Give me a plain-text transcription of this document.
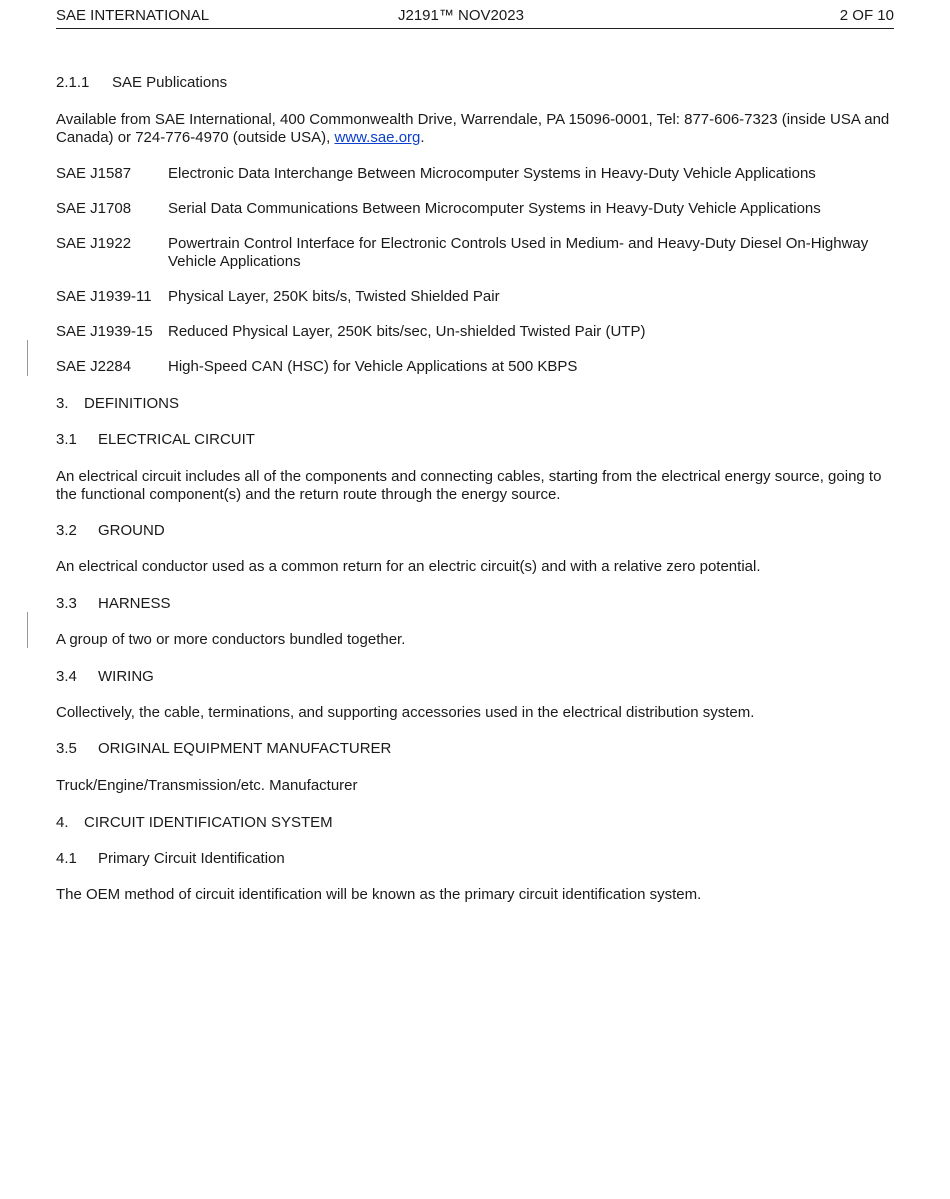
SAE INTERNATIONAL	J2191™ NOV2023	2 OF 10
2.1.1 SAE Publications
Available from SAE International, 400 Commonwealth Drive, Warrendale, PA 15096-0001, Tel: 877-606-7323 (inside USA and Canada) or 724-776-4970 (outside USA), www.sae.org.
SAE J1587 Electronic Data Interchange Between Microcomputer Systems in Heavy-Duty Vehicle Applications
SAE J1708 Serial Data Communications Between Microcomputer Systems in Heavy-Duty Vehicle Applications
SAE J1922 Powertrain Control Interface for Electronic Controls Used in Medium- and Heavy-Duty Diesel On-Highway Vehicle Applications
SAE J1939-11 Physical Layer, 250K bits/s, Twisted Shielded Pair
SAE J1939-15 Reduced Physical Layer, 250K bits/sec, Un-shielded Twisted Pair (UTP)
SAE J2284 High-Speed CAN (HSC) for Vehicle Applications at 500 KBPS
3. DEFINITIONS
3.1 ELECTRICAL CIRCUIT
An electrical circuit includes all of the components and connecting cables, starting from the electrical energy source, going to the functional component(s) and the return route through the energy source.
3.2 GROUND
An electrical conductor used as a common return for an electric circuit(s) and with a relative zero potential.
3.3 HARNESS
A group of two or more conductors bundled together.
3.4 WIRING
Collectively, the cable, terminations, and supporting accessories used in the electrical distribution system.
3.5 ORIGINAL EQUIPMENT MANUFACTURER
Truck/Engine/Transmission/etc. Manufacturer
4. CIRCUIT IDENTIFICATION SYSTEM
4.1 Primary Circuit Identification
The OEM method of circuit identification will be known as the primary circuit identification system.
